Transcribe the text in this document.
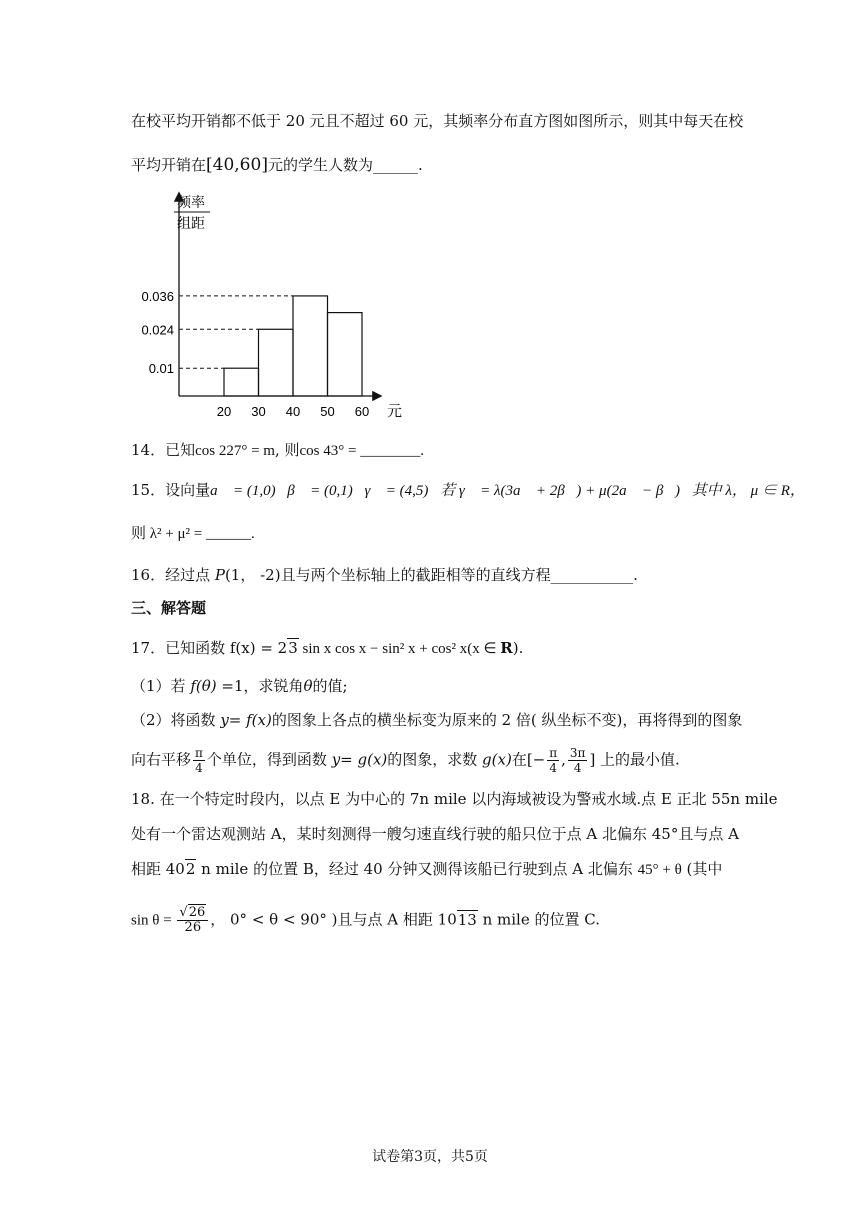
在校平均开销都不低于 20 元且不超过 60 元，其频率分布直方图如图所示，则其中每天在校
平均开销在[40,60]元的学生人数为______.
频率
组距
0.036
0.024
0.01
20 30 40 50 60 元
14．已知cos 227° = m, 则cos 43° = ________.
15．设向量a⃗ = (1,0)，β⃗ = (0,1)，γ⃗ = (4,5)，若 γ⃗ = λ(3a⃗ + 2β⃗) + μ(2a⃗ − β⃗)，其中 λ， μ ∈ R，
则 λ² + μ² = ______.
16．经过点 P(1， -2)且与两个坐标轴上的截距相等的直线方程___________.
三、解答题
17．已知函数 f(x) = 23 sin x cos x − sin² x + cos² x(x ∈ R).
（1）若 f(θ) =1，求锐角θ的值;
（2）将函数 y= f(x)的图象上各点的横坐标变为原来的 2 倍( 纵坐标不变)，再将得到的图象
向右平移 $\frac{\pi}{4}$ 个单位，得到函数 y= g(x)的图象，求数 g(x)在[− $\frac{\pi}{4}$ , $\frac{3\pi}{4}$ ] 上的最小值.
18. 在一个特定时段内，以点 E 为中心的 7n mile 以内海域被设为警戒水域.点 E 正北 55n mile
处有一个雷达观测站 A，某时刻测得一艘匀速直线行驶的船只位于点 A 北偏东 45°且与点 A
相距 402 n mile 的位置 B，经过 40 分钟又测得该船已行驶到点 A 北偏东 45° + θ (其中
$\sin \theta = \frac{√26}{26}$ ， 0° < θ < 90° )且与点 A 相距 1013 n mile 的位置 C.
试卷第3页，共5页
